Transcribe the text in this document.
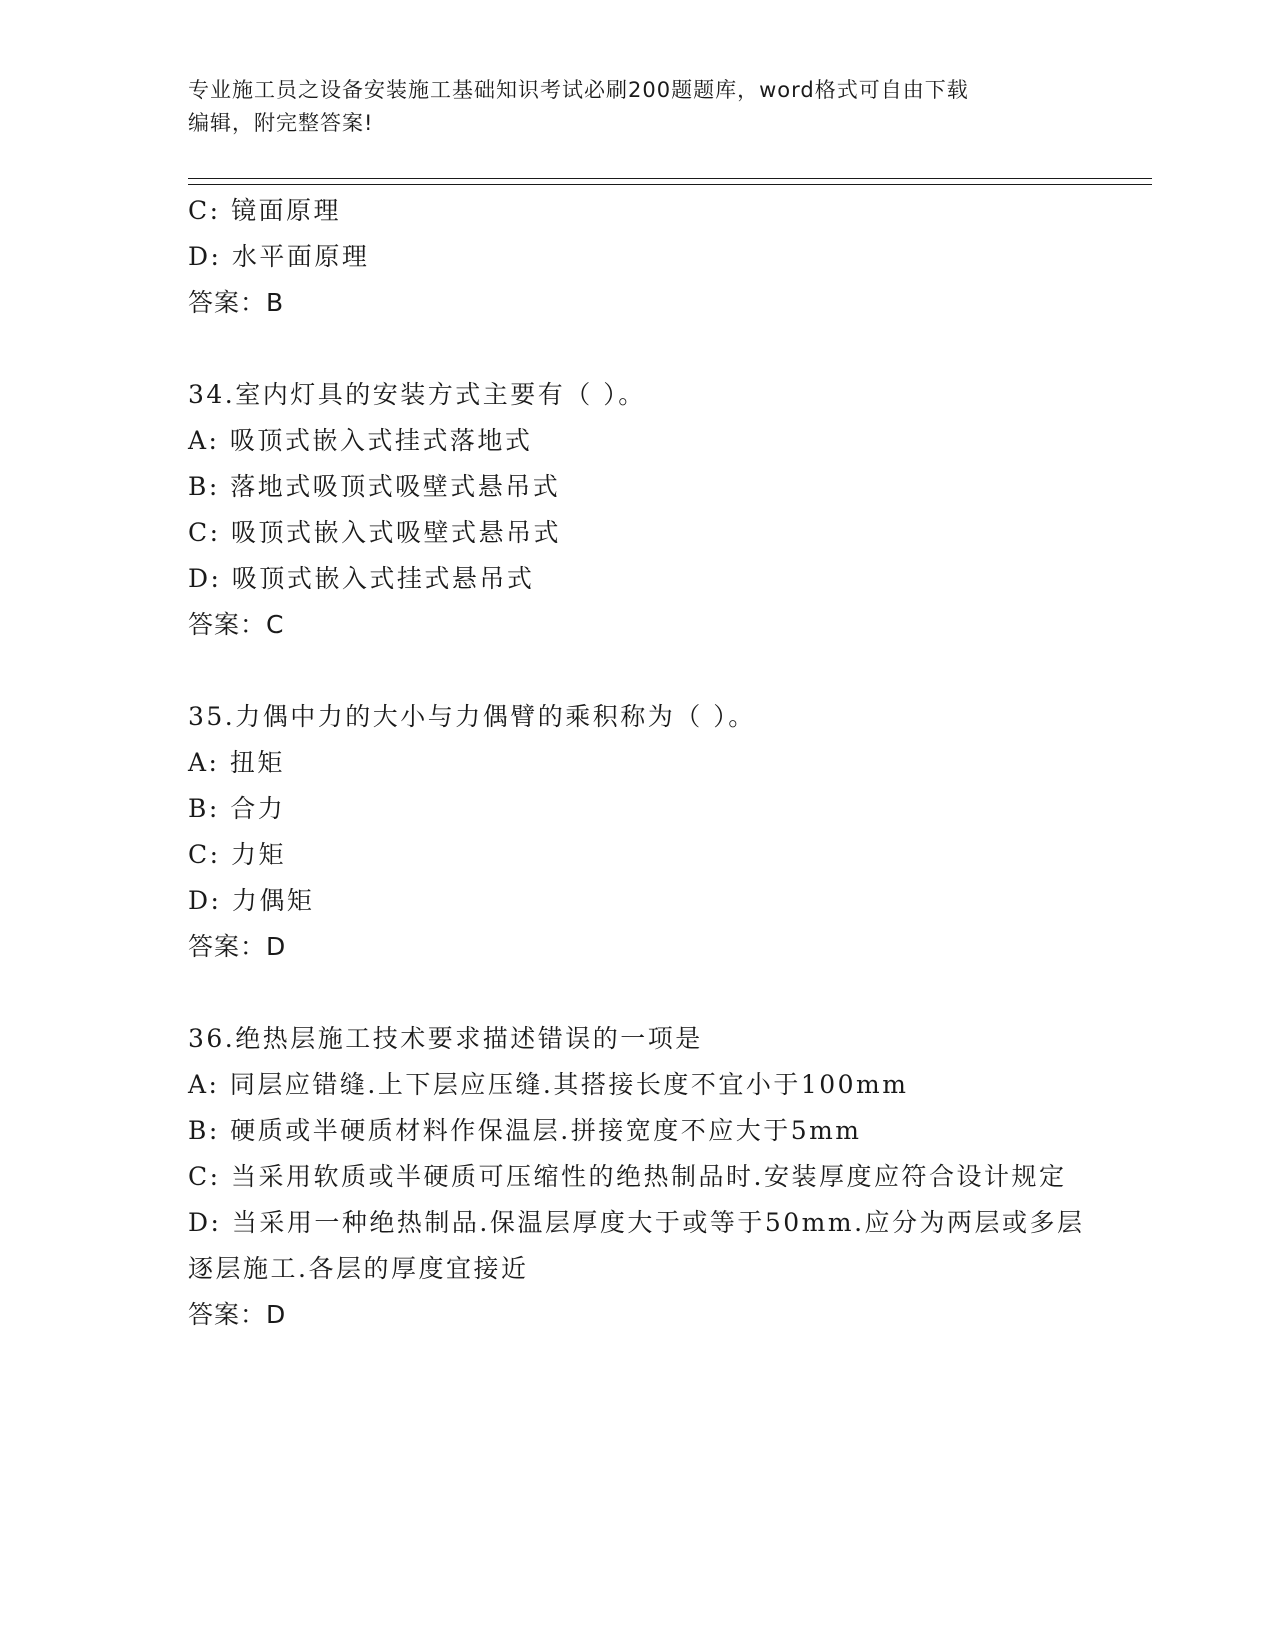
专业施工员之设备安装施工基础知识考试必刷200题题库，word格式可自由下载
编辑，附完整答案!
C: 镜面原理
D: 水平面原理
答案：B
34.室内灯具的安装方式主要有（ ）。
A: 吸顶式嵌入式挂式落地式
B: 落地式吸顶式吸壁式悬吊式
C: 吸顶式嵌入式吸壁式悬吊式
D: 吸顶式嵌入式挂式悬吊式
答案：C
35.力偶中力的大小与力偶臂的乘积称为（ ）。
A: 扭矩
B: 合力
C: 力矩
D: 力偶矩
答案：D
36.绝热层施工技术要求描述错误的一项是
A: 同层应错缝.上下层应压缝.其搭接长度不宜小于100mm
B: 硬质或半硬质材料作保温层.拼接宽度不应大于5mm
C: 当采用软质或半硬质可压缩性的绝热制品时.安装厚度应符合设计规定
D: 当采用一种绝热制品.保温层厚度大于或等于50mm.应分为两层或多层逐层施工.各层的厚度宜接近
答案：D
